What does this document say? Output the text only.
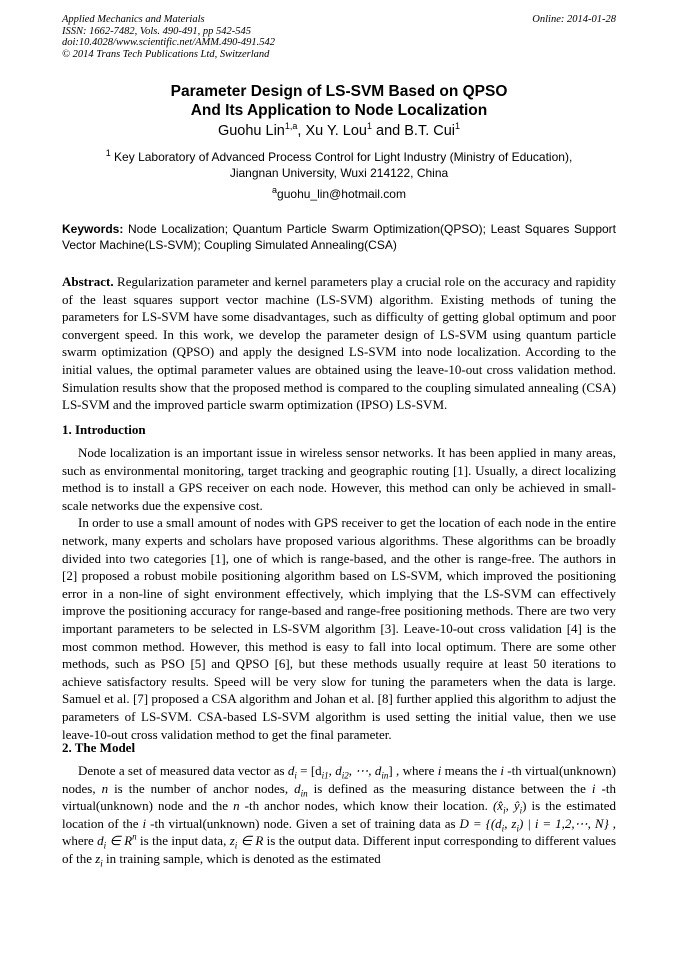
Applied Mechanics and Materials
ISSN: 1662-7482, Vols. 490-491, pp 542-545
doi:10.4028/www.scientific.net/AMM.490-491.542
© 2014 Trans Tech Publications Ltd, Switzerland
Online: 2014-01-28
Parameter Design of LS-SVM Based on QPSO
And Its Application to Node Localization
Guohu Lin$^{1,a}$, Xu Y. Lou$^1$ and B.T. Cui$^1$
$^1$ Key Laboratory of Advanced Process Control for Light Industry (Ministry of Education),
Jiangnan University, Wuxi 214122, China
$^a$guohu_lin@hotmail.com
Keywords: Node Localization; Quantum Particle Swarm Optimization(QPSO); Least Squares Support Vector Machine(LS-SVM); Coupling Simulated Annealing(CSA)

Abstract. Regularization parameter and kernel parameters play a crucial role on the accuracy and rapidity of the least squares support vector machine (LS-SVM) algorithm. Existing methods of tuning the parameters for LS-SVM have some disadvantages, such as difficulty of getting global optimum and poor convergent speed. In this work, we develop the parameter design of LS-SVM using quantum particle swarm optimization (QPSO) and apply the designed LS-SVM into node localization. According to the initial values, the optimal parameter values are obtained using the leave-10-out cross validation method. Simulation results show that the proposed method is compared to the coupling simulated annealing (CSA) LS-SVM and the improved particle swarm optimization (IPSO) LS-SVM.

1. Introduction

Node localization is an important issue in wireless sensor networks. It has been applied in many areas, such as environmental monitoring, target tracking and geographic routing [1]. Usually, a direct localizing method is to install a GPS receiver on each node. However, this method can only be achieved in small-scale networks due the expensive cost.

In order to use a small amount of nodes with GPS receiver to get the location of each node in the entire network, many experts and scholars have proposed various algorithms. These algorithms can be broadly divided into two categories [1], one of which is range-based, and the other is range-free. The authors in [2] proposed a robust mobile positioning algorithm based on LS-SVM, which improved the positioning error in a non-line of sight environment effectively, which implying that the LS-SVM can effectively improve the positioning accuracy for range-based and range-free positioning methods. There are two very important parameters to be selected in LS-SVM algorithm [3]. Leave-10-out cross validation [4] is the most common method. However, this method is easy to fall into local optimum. There are some other methods, such as PSO [5] and QPSO [6], but these methods usually require at least 50 iterations to achieve satisfactory results. Speed will be very slow for tuning the parameters when the data is large. Samuel et al. [7] proposed a CSA algorithm and Johan et al. [8] further applied this algorithm to adjust the parameters of LS-SVM. CSA-based LS-SVM algorithm is used setting the initial value, then we use leave-10-out cross validation method to get the final parameter.

2. The Model

Denote a set of measured data vector as $d_i = [d_{i1}$, $d_{i2}$, ⋯, $d_{in}$] , where i means the i -th virtual(unknown) nodes, n is the number of anchor nodes, $d_{in}$ is defined as the measuring distance between the i -th virtual(unknown) node and the n -th anchor nodes, which know their location. ($x̂_i$, $ŷ_i$) is the estimated location of the i -th virtual(unknown) node. Given a set of training data as $D = \{(d_i$, $z_i$) | i = 1,2,⋯, N} , where $d_i$ ∈ $R^n$ is the input data, $z_i$ ∈ R is the output data. Different input corresponding to different values of the $z_i$ in training sample, which is denoted as the estimated
